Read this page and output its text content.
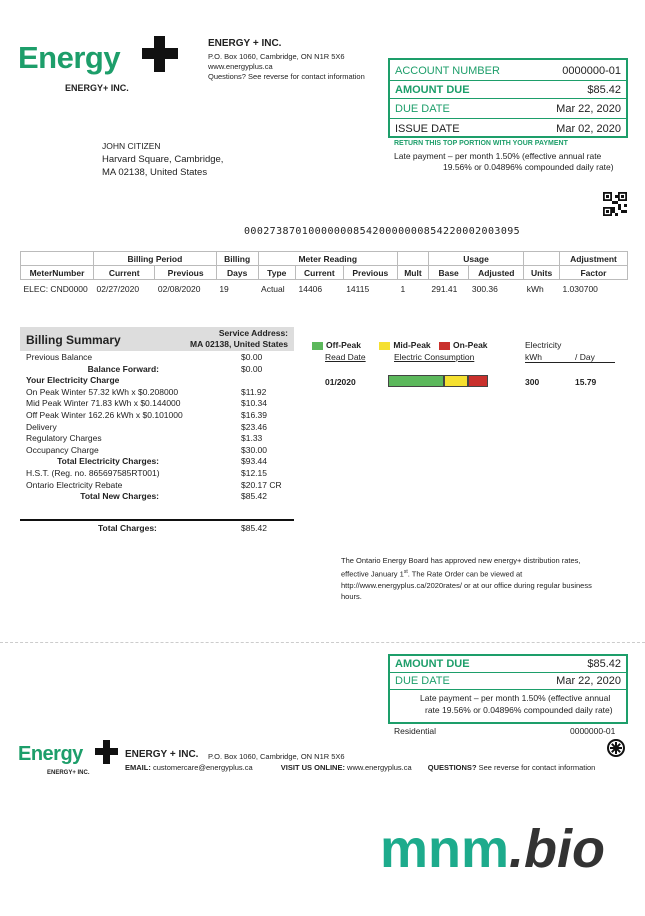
Energy
ENERGY+ INC.
ENERGY + INC.
P.O. Box 1060, Cambridge, ON N1R 5X6
www.energyplus.ca
Questions? See reverse for contact information	ACCOUNT NUMBER	0000000-01
AMOUNT DUE	$85.42
DUE DATE	Mar 22, 2020
ISSUE DATE	Mar 02, 2020
RETURN THIS TOP PORTION WITH YOUR PAYMENT
Late payment – per month 1.50% (effective annual rate
19.56% or 0.04896% compounded daily rate)
JOHN CITIZEN
Harvard Square, Cambridge,
MA 02138, United States
0002738701000000085420000000854220002003095
	Billing Period		Billing	Meter Reading				Usage			Adjustment
MeterNumber	Current	Previous	Days	Type	Current	Previous	Mult	Base	Adjusted	Units	Factor
ELEC: CND0000	02/27/2020	02/08/2020	19	Actual	14406	14115	1	291.41	300.36	kWh	1.030700
Billing Summary	Service Address:
MA 02138, United States
Previous Balance	$0.00
Balance Forward:	$0.00
Your Electricity Charge
On Peak Winter 57.32 kWh x $0.208000	$11.92
Mid Peak Winter 71.83 kWh x $0.144000	$10.34
Off Peak Winter 162.26 kWh x $0.101000	$16.39
Delivery	$23.46
Regulatory Charges	$1.33
Occupancy Charge	$30.00
Total Electricity Charges:	$93.44
H.S.T. (Reg. no. 865697585RT001)	$12.15
Ontario Electricity Rebate	$20.17 CR
Total New Charges:	$85.42
Total Charges:	$85.42
Off-Peak	Mid-Peak	On-Peak
Read Date	Electric Consumption
Electricity
kWh	/ Day
01/2020	300	15.79
The Ontario Energy Board has approved new energy+ distribution rates,
effective January 1st. The Rate Order can be viewed at
http://www.energyplus.ca/2020rates/ or at our office during regular business
hours.
AMOUNT DUE	$85.42
DUE DATE	Mar 22, 2020
Late payment – per month 1.50% (effective annual
rate 19.56% or 0.04896% compounded daily rate)
Residential	0000000-01
Energy
ENERGY+ INC.
ENERGY + INC. P.O. Box 1060, Cambridge, ON N1R 5X6
EMAIL: customercare@energyplus.ca	VISIT US ONLINE: www.energyplus.ca QUESTIONS? See reverse for contact information
mnm.bio
